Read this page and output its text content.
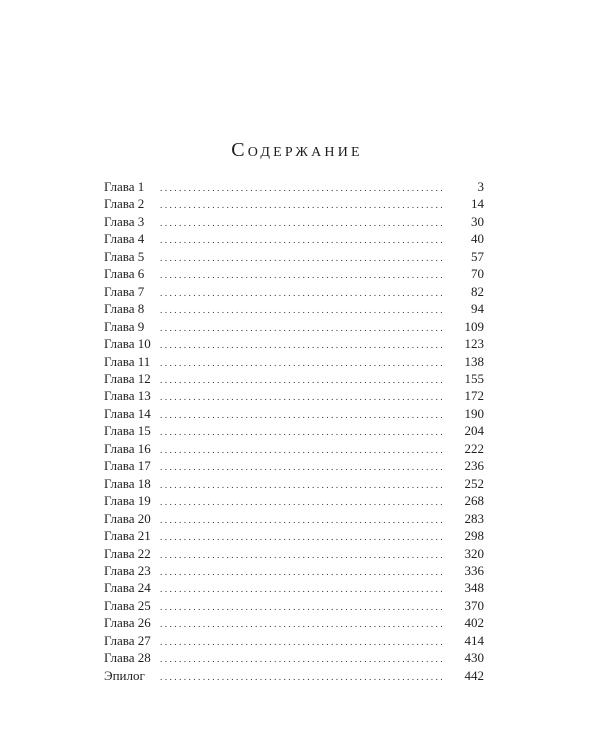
Содержание
Глава 1 . . .	3
Глава 2 . . .	14
Глава 3 . . .	30
Глава 4 . . .	40
Глава 5 . . .	57
Глава 6 . . .	70
Глава 7 . . .	82
Глава 8 . . .	94
Глава 9 . . .	109
Глава 10 . . .	123
Глава 11 . . .	138
Глава 12 . . .	155
Глава 13 . . .	172
Глава 14 . . .	190
Глава 15 . . .	204
Глава 16 . . .	222
Глава 17 . . .	236
Глава 18 . . .	252
Глава 19 . . .	268
Глава 20 . . .	283
Глава 21 . . .	298
Глава 22 . . .	320
Глава 23 . . .	336
Глава 24 . . .	348
Глава 25 . . .	370
Глава 26 . . .	402
Глава 27 . . .	414
Глава 28 . . .	430
Эпилог . . .	442
